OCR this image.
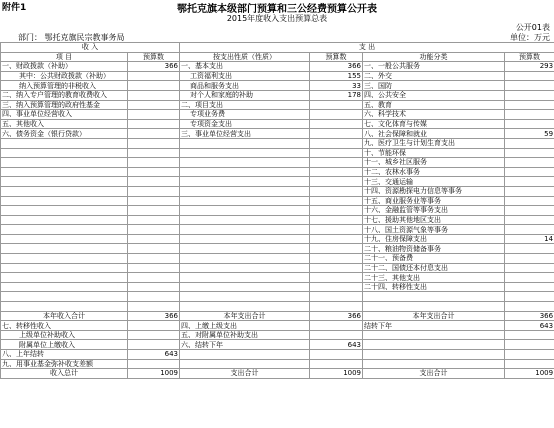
附件1	鄂托克旗本级部门预算和三公经费预算公开表
2015年度收入支出预算总表
公开01表
部门： 鄂托克旗民宗教事务局	单位：万元
收 入		支 出			
项 目	预算数	按支出性质（性质）	预算数	功能分类	预算数
一、财政拨款（补助）	366	一、基本支出	366	一、一般公共服务	293
其中：公共财政拨款（补助）		工资福利支出	155	二、外交	
纳入预算管理的非税收入		商品和服务支出	33	三、国防	
二、纳入专户管理的教育收费收入		对个人和家庭的补助	178	四、公共安全	
三、纳入预算管理的政府性基金		二、项目支出		五、教育	
四、事业单位经营收入		专项业务费		六、科学技术	
五、其他收入		专项资金支出		七、文化体育与传媒	
六、债务资金（银行贷款）		三、事业单位经营支出		八、社会保障和就业	59
				九、医疗卫生与计划生育支出	
				十、节能环保	
				十一、城乡社区服务	
				十二、农林水事务	
				十三、交通运输	
				十四、资源勘探电力信息等事务	
				十五、商业服务业等事务	
				十六、金融监管等事务支出	
				十七、援助其他地区支出	
				十八、国土资源气象等事务	
				十九、住房保障支出	14
				二十、粮油物资储备事务	
				二十一、预备费	
				二十二、国债还本付息支出	
				二十三、其他支出	
				二十四、转移性支出	

本年收入合计	366	本年支出合计	366	本年支出合计	366
七、转移性收入		四、上缴上级支出		结转下年	643
上级单位补助收入		五、对附属单位补助支出			
附属单位上缴收入		六、结转下年	643		
八、上年结转	643				
九、用事业基金弥补收支差额					
收入总计	1009	支出合计	1009	支出合计	1009
